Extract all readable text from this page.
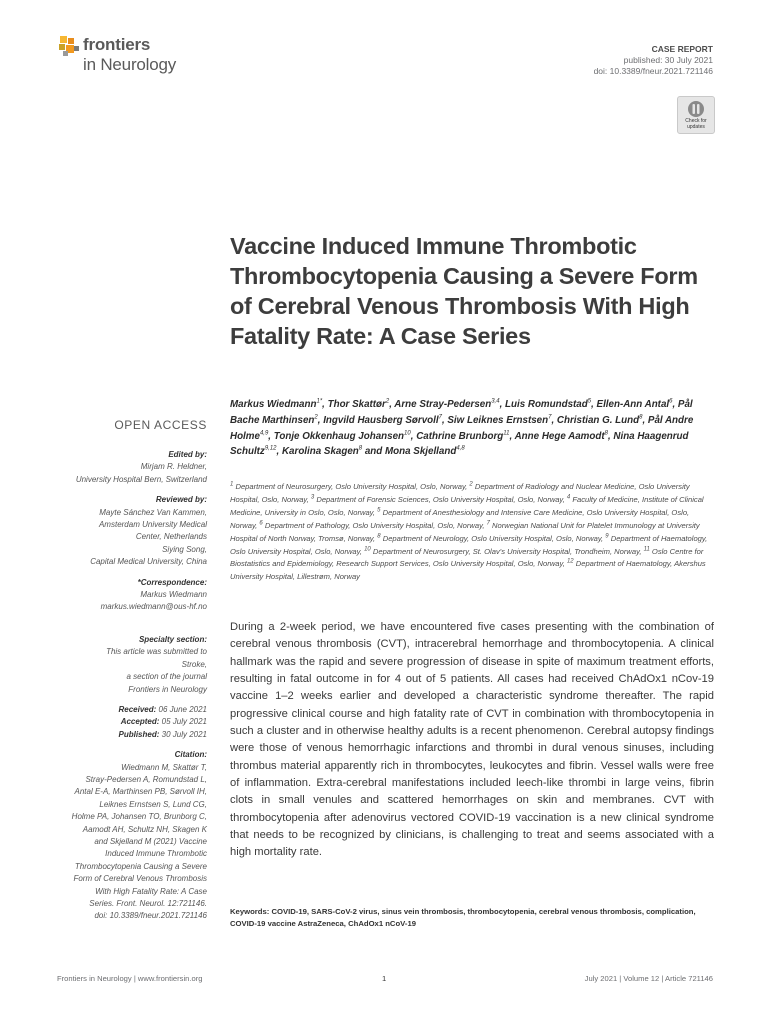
frontiers
in Neurology
CASE REPORT
published: 30 July 2021
doi: 10.3389/fneur.2021.721146
Check for updates
Vaccine Induced Immune Thrombotic Thrombocytopenia Causing a Severe Form of Cerebral Venous Thrombosis With High Fatality Rate: A Case Series
Markus Wiedmann$^{1*}$, Thor Skattør$^2$, Arne Stray-Pedersen$^{3,4}$, Luis Romundstad$^5$, Ellen-Ann Antal$^6$, Pål Bache Marthinsen$^2$, Ingvild Hausberg Sørvoll$^7$, Siw Leiknes Ernstsen$^7$, Christian G. Lund$^8$, Pål Andre Holme$^{4,9}$, Tonje Okkenhaug Johansen$^{10}$, Cathrine Brunborg$^{11}$, Anne Hege Aamodt$^8$, Nina Haagenrud Schultz$^{9,12}$, Karolina Skagen$^8$ and Mona Skjelland$^{4,8}$
$^1$ Department of Neurosurgery, Oslo University Hospital, Oslo, Norway, $^2$ Department of Radiology and Nuclear Medicine, Oslo University Hospital, Oslo, Norway, $^3$ Department of Forensic Sciences, Oslo University Hospital, Oslo, Norway, $^4$ Faculty of Medicine, Institute of Clinical Medicine, University in Oslo, Oslo, Norway, $^5$ Department of Anesthesiology and Intensive Care Medicine, Oslo University Hospital, Oslo, Norway, $^6$ Department of Pathology, Oslo University Hospital, Oslo, Norway, $^7$ Norwegian National Unit for Platelet Immunology at University Hospital of North Norway, Tromsø, Norway, $^8$ Department of Neurology, Oslo University Hospital, Oslo, Norway, $^9$ Department of Haematology, Oslo University Hospital, Oslo, Norway, $^{10}$ Department of Neurosurgery, St. Olav's University Hospital, Trondheim, Norway, $^{11}$ Oslo Centre for Biostatistics and Epidemiology, Research Support Services, Oslo University Hospital, Oslo, Norway, $^{12}$ Department of Haematology, Akershus University Hospital, Lillestrøm, Norway
During a 2-week period, we have encountered five cases presenting with the combination of cerebral venous thrombosis (CVT), intracerebral hemorrhage and thrombocytopenia. A clinical hallmark was the rapid and severe progression of disease in spite of maximum treatment efforts, resulting in fatal outcome in for 4 out of 5 patients. All cases had received ChAdOx1 nCov-19 vaccine 1–2 weeks earlier and developed a characteristic syndrome thereafter. The rapid progressive clinical course and high fatality rate of CVT in combination with thrombocytopenia in such a cluster and in otherwise healthy adults is a recent phenomenon. Cerebral autopsy findings were those of venous hemorrhagic infarctions and thrombi in dural venous sinuses, including thrombus material apparently rich in thrombocytes, leukocytes and fibrin. Vessel walls were free of inflammation. Extra-cerebral manifestations included leech-like thrombi in large veins, fibrin clots in small venules and scattered hemorrhages on skin and membranes. CVT with thrombocytopenia after adenovirus vectored COVID-19 vaccination is a new clinical syndrome that needs to be recognized by clinicians, is challenging to treat and seems associated with a high mortality rate.
Keywords: COVID-19, SARS-CoV-2 virus, sinus vein thrombosis, thrombocytopenia, cerebral venous thrombosis, complication, COVID-19 vaccine AstraZeneca, ChAdOx1 nCoV-19
OPEN ACCESS
Edited by:
Mirjam R. Heldner,
University Hospital Bern, Switzerland
Reviewed by:
Mayte Sánchez Van Kammen,
Amsterdam University Medical
Center, Netherlands
Siying Song,
Capital Medical University, China
*Correspondence:
Markus Wiedmann
markus.wiedmann@ous-hf.no
Specialty section:
This article was submitted to
Stroke,
a section of the journal
Frontiers in Neurology
Received: 06 June 2021
Accepted: 05 July 2021
Published: 30 July 2021
Citation:
Wiedmann M, Skattør T,
Stray-Pedersen A, Romundstad L,
Antal E-A, Marthinsen PB, Sørvoll IH,
Leiknes Ernstsen S, Lund CG,
Holme PA, Johansen TO, Brunborg C,
Aamodt AH, Schultz NH, Skagen K
and Skjelland M (2021) Vaccine
Induced Immune Thrombotic
Thrombocytopenia Causing a Severe
Form of Cerebral Venous Thrombosis
With High Fatality Rate: A Case
Series. Front. Neurol. 12:721146.
doi: 10.3389/fneur.2021.721146
Frontiers in Neurology | www.frontiersin.org	1	July 2021 | Volume 12 | Article 721146
